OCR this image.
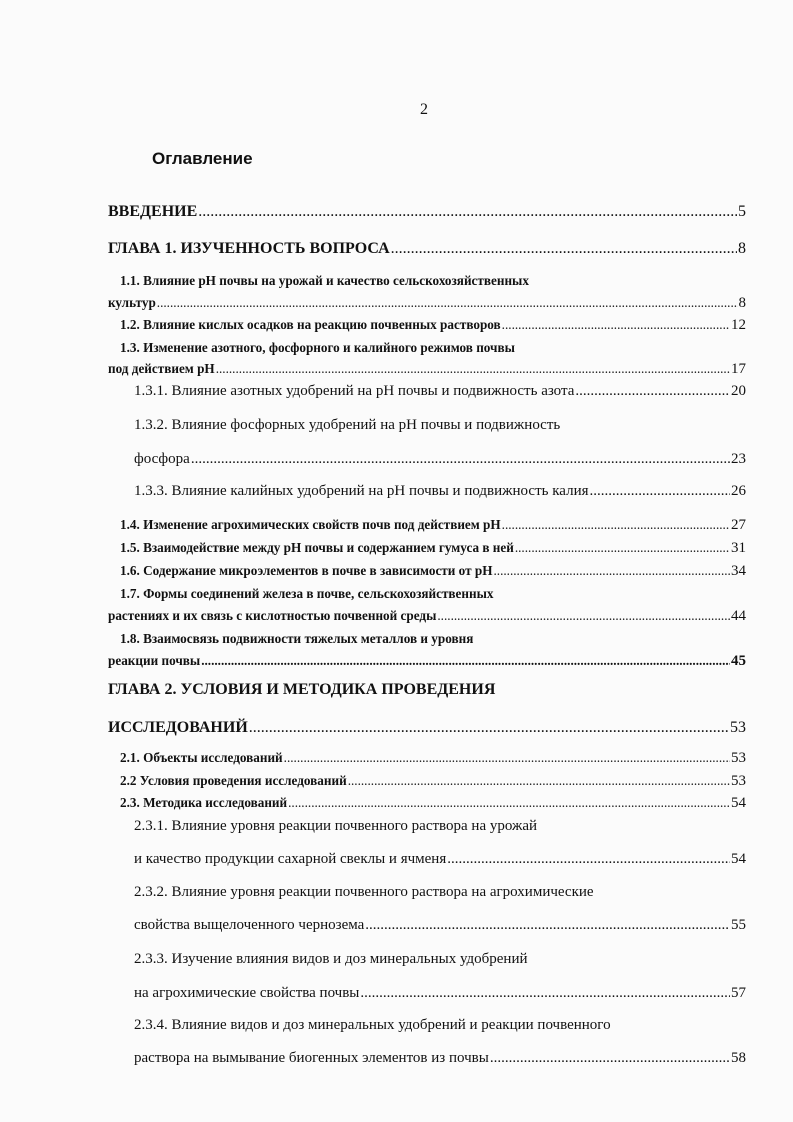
2
Оглавление
ВВЕДЕНИЕ .....	5
ГЛАВА 1. ИЗУЧЕННОСТЬ ВОПРОСА .....	8
1.1. Влияние рН почвы на урожай и качество сельскохозяйственных
культур .....	8
1.2. Влияние кислых осадков на реакцию почвенных растворов .....	12
1.3. Изменение азотного, фосфорного и калийного режимов почвы
под действием рН .....	17
1.3.1. Влияние азотных удобрений на рН почвы и подвижность азота .....	20
1.3.2. Влияние фосфорных удобрений на рН почвы и подвижность
фосфора .....	23
1.3.3. Влияние калийных удобрений на рН почвы и подвижность калия .....	26
1.4. Изменение агрохимических свойств почв под действием рН .....	27
1.5. Взаимодействие между рН почвы и содержанием гумуса в ней .....	31
1.6. Содержание микроэлементов в почве в зависимости от рН .....	34
1.7. Формы соединений железа в почве, сельскохозяйственных
растениях и их связь с кислотностью почвенной среды .....	44
1.8. Взаимосвязь подвижности тяжелых металлов и уровня
реакции почвы .....	45
ГЛАВА 2. УСЛОВИЯ И МЕТОДИКА ПРОВЕДЕНИЯ
ИССЛЕДОВАНИЙ .....	53
2.1. Объекты исследований .....	53
2.2 Условия проведения исследований .....	53
2.3. Методика исследований .....	54
2.3.1. Влияние уровня реакции почвенного раствора на урожай
и качество продукции сахарной свеклы и ячменя .....	54
2.3.2. Влияние уровня реакции почвенного раствора на агрохимические
свойства выщелоченного чернозема .....	55
2.3.3. Изучение влияния видов и доз минеральных удобрений
на агрохимические свойства почвы .....	57
2.3.4. Влияние видов и доз минеральных удобрений и реакции почвенного
раствора на вымывание биогенных элементов из почвы .....	58
